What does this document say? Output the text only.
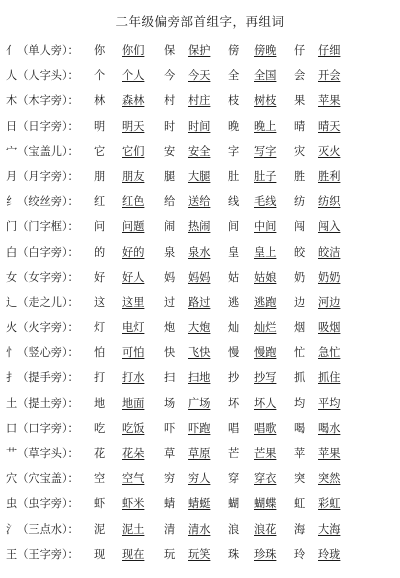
二年级偏旁部首组字，再组词
亻（单人旁）：	你	你们	保	保护	傍	傍晚	仔	仔细
人（人字头）：	个	个人	今	今天	全	全国	会	开会
木（木字旁）：	林	森林	村	村庄	枝	树枝	果	苹果
日（日字旁）：	明	明天	时	时间	晚	晚上	晴	晴天
宀（宝盖儿）：	它	它们	安	安全	字	写字	灾	灭火
月（月字旁）：	朋	朋友	腿	大腿	肚	肚子	胜	胜利
纟（绞丝旁）：	红	红色	给	送给	线	毛线	纺	纺织
门（门字框）：	问	问题	闹	热闹	间	中间	闯	闯入
白（白字旁）：	的	好的	泉	泉水	皇	皇上	皎	皎洁
女（女字旁）：	好	好人	妈	妈妈	姑	姑娘	奶	奶奶
辶（走之儿）：	这	这里	过	路过	逃	逃跑	边	河边
火（火字旁）：	灯	电灯	炮	大炮	灿	灿烂	烟	吸烟
忄（竖心旁）：	怕	可怕	快	飞快	慢	慢跑	忙	急忙
扌（提手旁）：	打	打水	扫	扫地	抄	抄写	抓	抓住
土（提土旁）：	地	地面	场	广场	坏	坏人	均	平均
口（口字旁）：	吃	吃饭	吓	吓跑	唱	唱歌	喝	喝水
艹（草字头）：	花	花朵	草	草原	芒	芒果	苹	苹果
穴（穴宝盖）：	空	空气	穷	穷人	穿	穿衣	突	突然
虫（虫字旁）：	虾	虾米	蜻	蜻蜓	蝴	蝴蝶	虹	彩虹
氵（三点水）：	泥	泥土	清	清水	浪	浪花	海	大海
王（王字旁）：	现	现在	玩	玩笑	珠	珍珠	玲	玲珑
